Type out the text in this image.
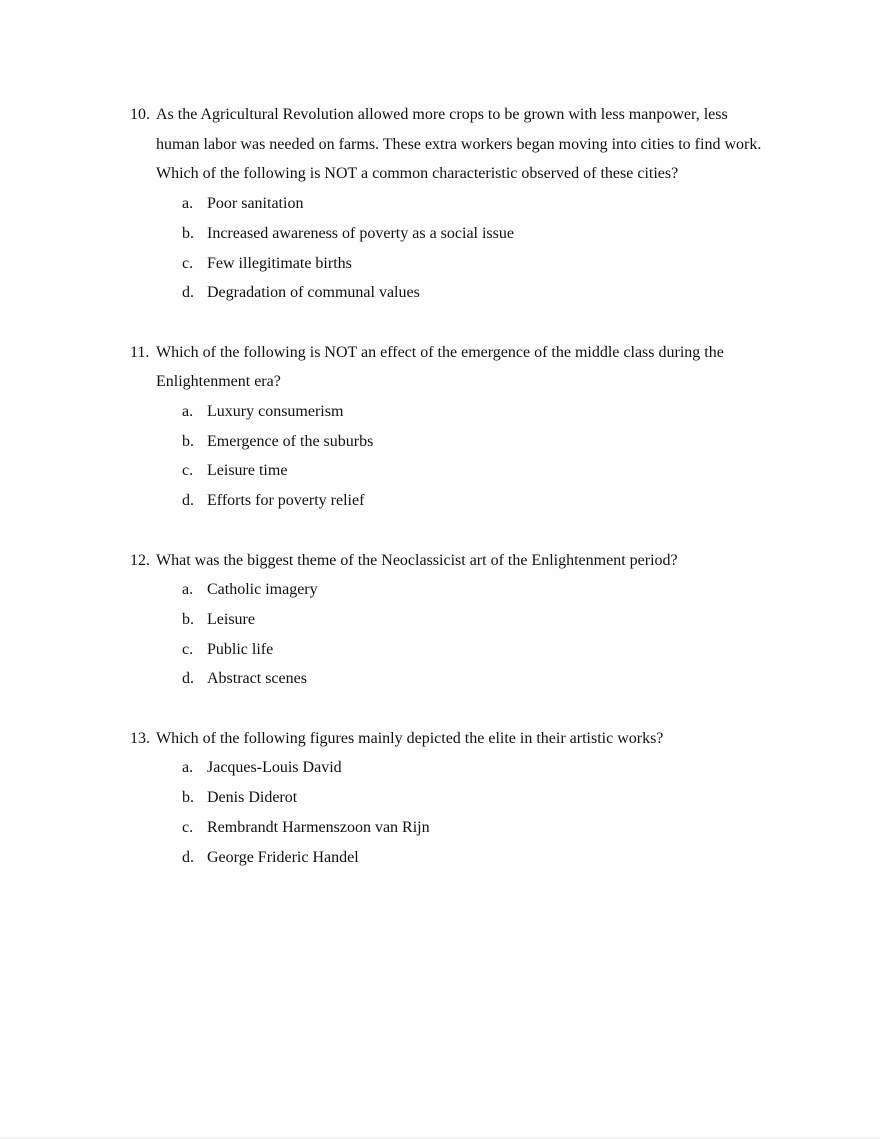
10. As the Agricultural Revolution allowed more crops to be grown with less manpower, less human labor was needed on farms. These extra workers began moving into cities to find work. Which of the following is NOT a common characteristic observed of these cities?
a. Poor sanitation
b. Increased awareness of poverty as a social issue
c. Few illegitimate births
d. Degradation of communal values
11. Which of the following is NOT an effect of the emergence of the middle class during the Enlightenment era?
a. Luxury consumerism
b. Emergence of the suburbs
c. Leisure time
d. Efforts for poverty relief
12. What was the biggest theme of the Neoclassicist art of the Enlightenment period?
a. Catholic imagery
b. Leisure
c. Public life
d. Abstract scenes
13. Which of the following figures mainly depicted the elite in their artistic works?
a. Jacques-Louis David
b. Denis Diderot
c. Rembrandt Harmenszoon van Rijn
d. George Frideric Handel
